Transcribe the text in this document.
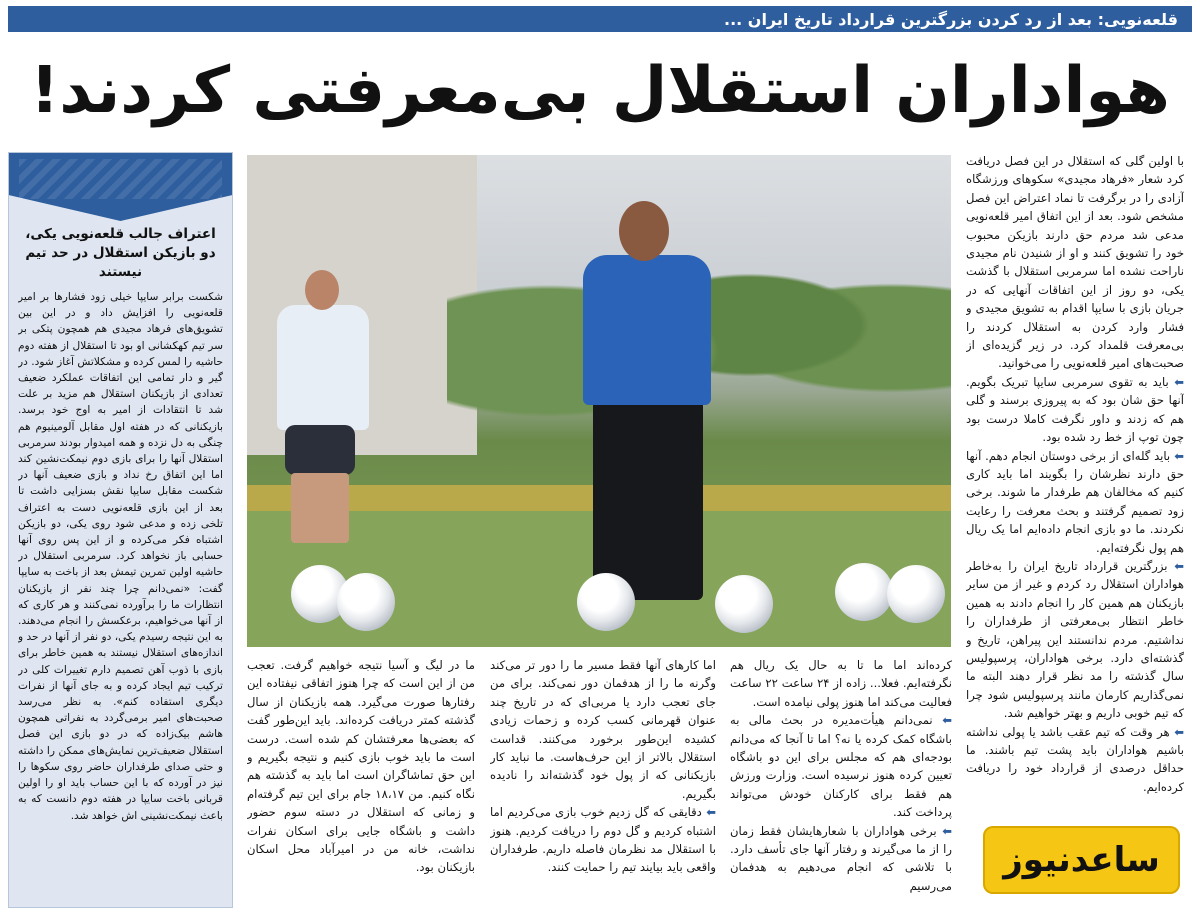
قلعه‌نویی: بعد از رد کردن بزرگترین قرارداد تاریخ ایران ...
هواداران استقلال بی‌معرفتی کردند!
اعتراف جالب قلعه‌نویی یکی، دو بازیکن استقلال در حد تیم نیستند
شکست برابر سایپا خیلی زود فشارها بر امیر قلعه‌نویی را افزایش داد و در این بین تشویق‌های فرهاد مجیدی هم همچون پتکی بر سر تیم کهکشانی او بود تا استقلال از هفته دوم حاشیه را لمس کرده و مشکلاتش آغاز شود. در گیر و دار تمامی این اتفاقات عملکرد ضعیف تعدادی از بازیکنان استقلال هم مزید بر علت شد تا انتقادات از امیر به اوج خود برسد. بازیکنانی که در هفته اول مقابل آلومینیوم هم چنگی به دل نزده و همه امیدوار بودند سرمربی استقلال آنها را برای بازی دوم نیمکت‌نشین کند اما این اتفاق رخ نداد و بازی ضعیف آنها در شکست مقابل سایپا نقش بسزایی داشت تا بعد از این بازی قلعه‌نویی دست به اعتراف تلخی زده و مدعی شود روی یکی، دو بازیکن اشتباه فکر می‌کرده و از این پس روی آنها حسابی باز نخواهد کرد. سرمربی استقلال در حاشیه اولین تمرین تیمش بعد از باخت به سایپا گفت: «نمی‌دانم چرا چند نفر از بازیکنان انتظارات ما را برآورده نمی‌کنند و هر کاری که از آنها می‌خواهیم، برعکسش را انجام می‌دهند. به این نتیجه رسیدم یکی، دو نفر از آنها در حد و اندازه‌های استقلال نیستند به همین خاطر برای بازی با ذوب آهن تصمیم دارم تغییرات کلی در ترکیب تیم ایجاد کرده و به جای آنها از نفرات دیگری استفاده کنم». به نظر می‌رسد صحبت‌های امیر برمی‌گردد به نفراتی همچون هاشم بیک‌زاده که در دو بازی این فصل استقلال ضعیف‌ترین نمایش‌های ممکن را داشته و حتی صدای طرفداران حاضر روی سکوها را نیز در آورده که با این حساب باید او را اولین قربانی باخت سایپا در هفته دوم دانست که به باعث نیمکت‌نشینی اش خواهد شد.

با اولین گلی که استقلال در این فصل دریافت کرد شعار «فرهاد مجیدی» سکوهای ورزشگاه آزادی را در برگرفت تا نماد اعتراض این فصل مشخص شود. بعد از این اتفاق امیر قلعه‌نویی مدعی شد مردم حق دارند بازیکن محبوب خود را تشویق کنند و او از شنیدن نام مجیدی ناراحت نشده اما سرمربی استقلال با گذشت یکی، دو روز از این اتفاقات آنهایی که در جریان بازی با سایپا اقدام به تشویق مجیدی و فشار وارد کردن به استقلال کردند را بی‌معرفت قلمداد کرد. در زیر گزیده‌ای از صحبت‌های امیر قلعه‌نویی را می‌خوانید.

⬅ باید به تقوی سرمربی سایپا تبریک بگویم. آنها حق شان بود که به پیروزی برسند و گلی هم که زدند و داور نگرفت کاملا درست بود چون توپ از خط رد شده بود.

⬅ باید گله‌ای از برخی دوستان انجام دهم. آنها حق دارند نظرشان را بگویند اما باید کاری کنیم که مخالفان هم طرفدار ما شوند. برخی زود تصمیم گرفتند و بحث معرفت را رعایت نکردند. ما دو بازی انجام داده‌ایم اما یک ریال هم پول نگرفته‌ایم.

⬅ بزرگترین قرارداد تاریخ ایران را به‌خاطر هواداران استقلال رد کردم و غیر از من سایر بازیکنان هم همین کار را انجام دادند به همین خاطر انتظار بی‌معرفتی از طرفداران را نداشتیم. مردم ندانستند این پیراهن، تاریخ و گذشته‌ای دارد. برخی هواداران، پرسپولیس سال گذشته را مد نظر قرار دهند البته ما نمی‌گذاریم کارمان مانند پرسپولیس شود چرا که تیم خوبی داریم و بهتر خواهیم شد.

⬅ هر وقت که تیم عقب باشد یا پولی نداشته باشیم هواداران باید پشت تیم باشند. ما حداقل درصدی از قرارداد خود را دریافت کرده‌ایم.

کرده‌اند اما ما تا به حال یک ریال هم نگرفته‌ایم. فعلا... زاده از ۲۴ ساعت ۲۲ ساعت فعالیت می‌کند اما هنوز پولی نیامده است.

⬅ نمی‌دانم هیأت‌مدیره در بحث مالی به باشگاه کمک کرده یا نه؟ اما تا آنجا که می‌دانم بودجه‌ای هم که مجلس برای این دو باشگاه تعیین کرده هنوز نرسیده است. وزارت ورزش هم فقط برای کارکنان خودش می‌تواند پرداخت کند.

⬅ برخی هواداران با شعارهایشان فقط زمان را از ما می‌گیرند و رفتار آنها جای تأسف دارد. با تلاشی که انجام می‌دهیم به هدفمان می‌رسیم

اما کارهای آنها فقط مسیر ما را دور تر می‌کند وگرنه ما را از هدفمان دور نمی‌کند. برای من جای تعجب دارد یا مربی‌ای که در تاریخ چند عنوان قهرمانی کسب کرده و زحمات زیادی کشیده این‌طور برخورد می‌کنند. قداست استقلال بالاتر از این حرف‌هاست. ما نباید کار بازیکنانی که از پول خود گذشته‌اند را نادیده بگیریم.

⬅ دقایقی که گل زدیم خوب بازی می‌کردیم اما اشتباه کردیم و گل دوم را دریافت کردیم. هنوز با استقلال مد نظرمان فاصله داریم. طرفداران واقعی باید بیایند تیم را حمایت کنند.

ما در لیگ و آسیا نتیجه خواهیم گرفت. تعجب من از این است که چرا هنوز اتفاقی نیفتاده این رفتارها صورت می‌گیرد. همه بازیکنان از سال گذشته کمتر دریافت کرده‌اند. باید این‌طور گفت که بعضی‌ها معرفتشان کم شده است. درست است ما باید خوب بازی کنیم و نتیجه بگیریم و این حق تماشاگران است اما باید به گذشته هم نگاه کنیم. من ۱۸،۱۷ جام برای این تیم گرفته‌ام و زمانی که استقلال در دسته سوم حضور داشت و باشگاه جایی برای اسکان نفرات نداشت، خانه من در امیرآباد محل اسکان بازیکنان بود.	ساعدنیوز
